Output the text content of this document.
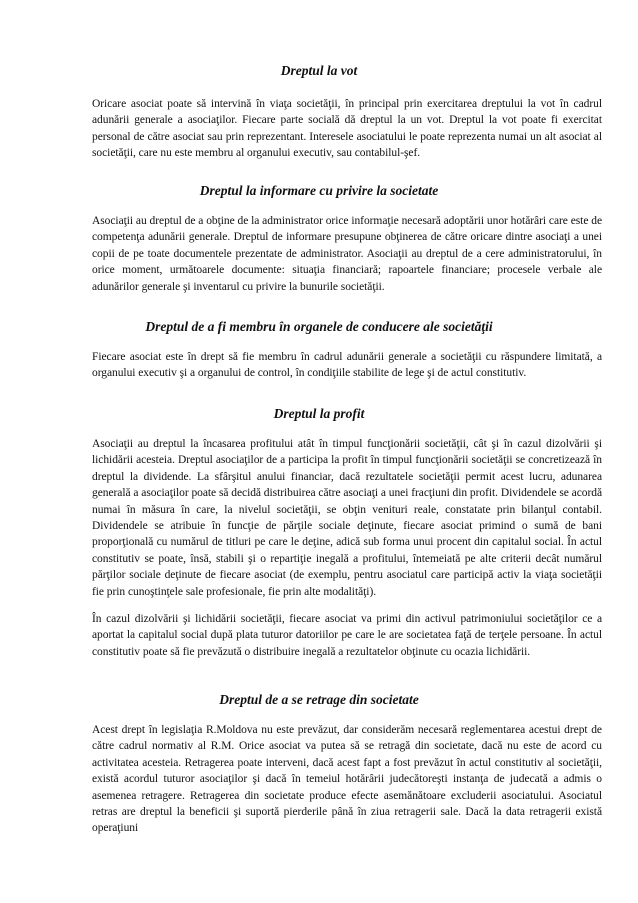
Dreptul la vot

Oricare asociat poate să intervină în viaţa societăţii, în principal prin exercitarea dreptului la vot în cadrul adunării generale a asociaţilor. Fiecare parte socială dă dreptul la un vot. Dreptul la vot poate fi exercitat personal de către asociat sau prin reprezentant. Interesele asociatului le poate reprezenta numai un alt asociat al societăţii, care nu este membru al organului executiv, sau contabilul-şef.

Dreptul la informare cu privire la societate

Asociaţii au dreptul de a obţine de la administrator orice informaţie necesară adoptării unor hotărâri care este de competenţa adunării generale. Dreptul de informare presupune obţinerea de către oricare dintre asociaţi a unei copii de pe toate documentele prezentate de administrator. Asociaţii au dreptul de a cere administratorului, în orice moment, următoarele documente: situaţia financiară; rapoartele financiare; procesele verbale ale adunărilor generale şi inventarul cu privire la bunurile societăţii.

Dreptul de a fi membru în organele de conducere ale societăţii

Fiecare asociat este în drept să fie membru în cadrul adunării generale a societăţii cu răspundere limitată, a organului executiv şi a organului de control, în condiţiile stabilite de lege şi de actul constitutiv.

Dreptul la profit

Asociaţii au dreptul la încasarea profitului atât în timpul funcţionării societăţii, cât şi în cazul dizolvării şi lichidării acesteia. Dreptul asociaţilor de a participa la profit în timpul funcţionării societăţii se concretizează în dreptul la dividende. La sfârşitul anului financiar, dacă rezultatele societăţii permit acest lucru, adunarea generală a asociaţilor poate să decidă distribuirea către asociaţi a unei fracţiuni din profit. Dividendele se acordă numai în măsura în care, la nivelul societăţii, se obţin venituri reale, constatate prin bilanţul contabil. Dividendele se atribuie în funcţie de părţile sociale deţinute, fiecare asociat primind o sumă de bani proporţională cu numărul de titluri pe care le deţine, adică sub forma unui procent din capitalul social. În actul constitutiv se poate, însă, stabili şi o repartiţie inegală a profitului, întemeiată pe alte criterii decât numărul părţilor sociale deţinute de fiecare asociat (de exemplu, pentru asociatul care participă activ la viaţa societăţii fie prin cunoştinţele sale profesionale, fie prin alte modalităţi).

În cazul dizolvării şi lichidării societăţii, fiecare asociat va primi din activul patrimoniului societăţilor ce a aportat la capitalul social după plata tuturor datoriilor pe care le are societatea faţă de terţele persoane. În actul constitutiv poate să fie prevăzută o distribuire inegală a rezultatelor obţinute cu ocazia lichidării.

Dreptul de a se retrage din societate

Acest drept în legislaţia R.Moldova nu este prevăzut, dar considerăm necesară reglementarea acestui drept de către cadrul normativ al R.M. Orice asociat va putea să se retragă din societate, dacă nu este de acord cu activitatea acesteia. Retragerea poate interveni, dacă acest fapt a fost prevăzut în actul constitutiv al societăţii, există acordul tuturor asociaţilor şi dacă în temeiul hotărârii judecătoreşti instanţa de judecată a admis o asemenea retragere. Retragerea din societate produce efecte asemănătoare excluderii asociatului. Asociatul retras are dreptul la beneficii şi suportă pierderile până în ziua retragerii sale. Dacă la data retragerii există operaţiuni
